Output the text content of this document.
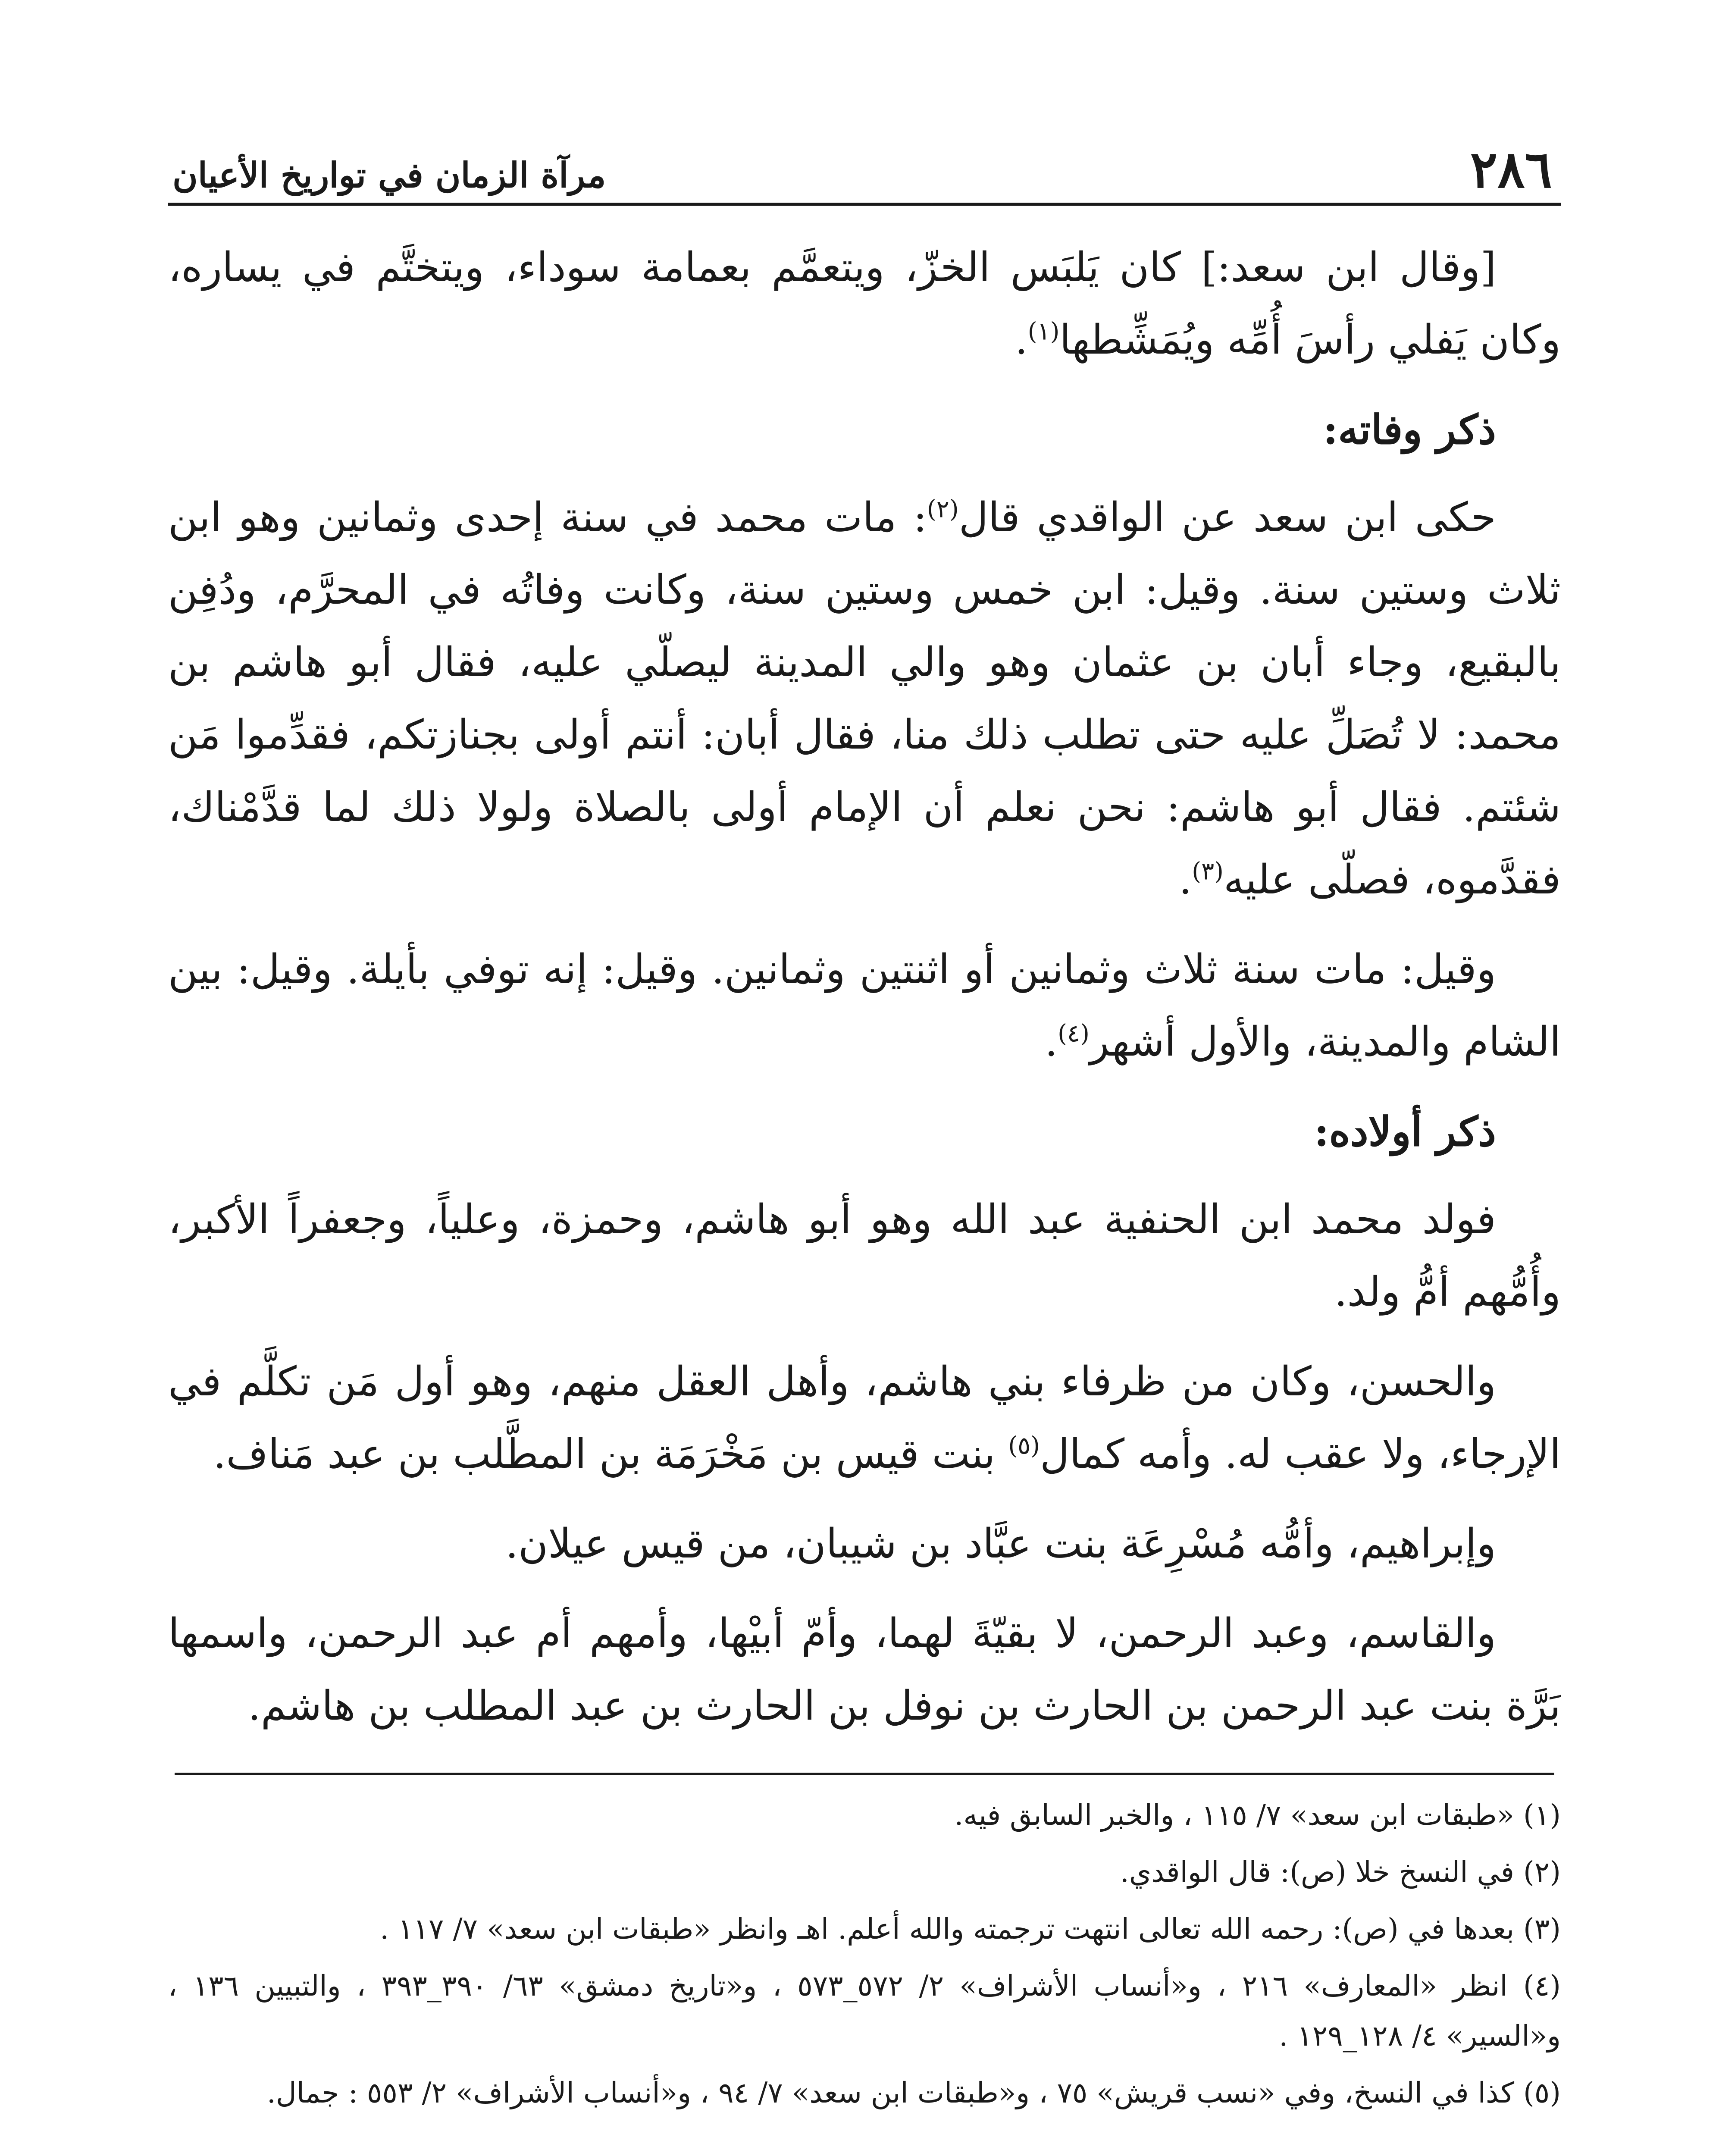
٢٨٦
مرآة الزمان في تواريخ الأعيان

[وقال ابن سعد:] كان يَلبَس الخزّ، ويتعمَّم بعمامة سوداء، ويتختَّم في يساره، وكان يَفلي رأسَ أُمِّه ويُمَشِّطها$^{(١)}$.

ذكر وفاته:

حكى ابن سعد عن الواقدي قال$^{(٢)}$: مات محمد في سنة إحدى وثمانين وهو ابن ثلاث وستين سنة. وقيل: ابن خمس وستين سنة، وكانت وفاتُه في المحرَّم، ودُفِن بالبقيع، وجاء أبان بن عثمان وهو والي المدينة ليصلّي عليه، فقال أبو هاشم بن محمد: لا تُصَلِّ عليه حتى تطلب ذلك منا، فقال أبان: أنتم أولى بجنازتكم، فقدِّموا مَن شئتم. فقال أبو هاشم: نحن نعلم أن الإمام أولى بالصلاة ولولا ذلك لما قدَّمْناك، فقدَّموه، فصلّى عليه$^{(٣)}$.

وقيل: مات سنة ثلاث وثمانين أو اثنتين وثمانين. وقيل: إنه توفي بأيلة. وقيل: بين الشام والمدينة، والأول أشهر$^{(٤)}$.

ذكر أولاده:

فولد محمد ابن الحنفية عبد الله وهو أبو هاشم، وحمزة، وعلياً، وجعفراً الأكبر، وأُمُّهم أمُّ ولد.

والحسن، وكان من ظرفاء بني هاشم، وأهل العقل منهم، وهو أول مَن تكلَّم في الإرجاء، ولا عقب له. وأمه كمال$^{(٥)}$ بنت قيس بن مَخْرَمَة بن المطَّلب بن عبد مَناف.

وإبراهيم، وأمُّه مُسْرِعَة بنت عبَّاد بن شيبان، من قيس عيلان.

والقاسم، وعبد الرحمن، لا بقيّةَ لهما، وأمّ أبيْها، وأمهم أم عبد الرحمن، واسمها بَرَّة بنت عبد الرحمن بن الحارث بن نوفل بن الحارث بن عبد المطلب بن هاشم.

(١) «طبقات ابن سعد» ٧/ ١١٥ ، والخبر السابق فيه.

(٢) في النسخ خلا (ص): قال الواقدي.

(٣) بعدها في (ص): رحمه الله تعالى انتهت ترجمته والله أعلم. اهـ وانظر «طبقات ابن سعد» ٧/ ١١٧ .

(٤) انظر «المعارف» ٢١٦ ، و«أنساب الأشراف» ٢/ ٥٧٢_٥٧٣ ، و«تاريخ دمشق» ٦٣/ ٣٩٠_٣٩٣ ، والتبيين ١٣٦ ، و«السير» ٤/ ١٢٨_١٢٩ .

(٥) كذا في النسخ، وفي «نسب قريش» ٧٥ ، و«طبقات ابن سعد» ٧/ ٩٤ ، و«أنساب الأشراف» ٢/ ٥٥٣ : جمال.
